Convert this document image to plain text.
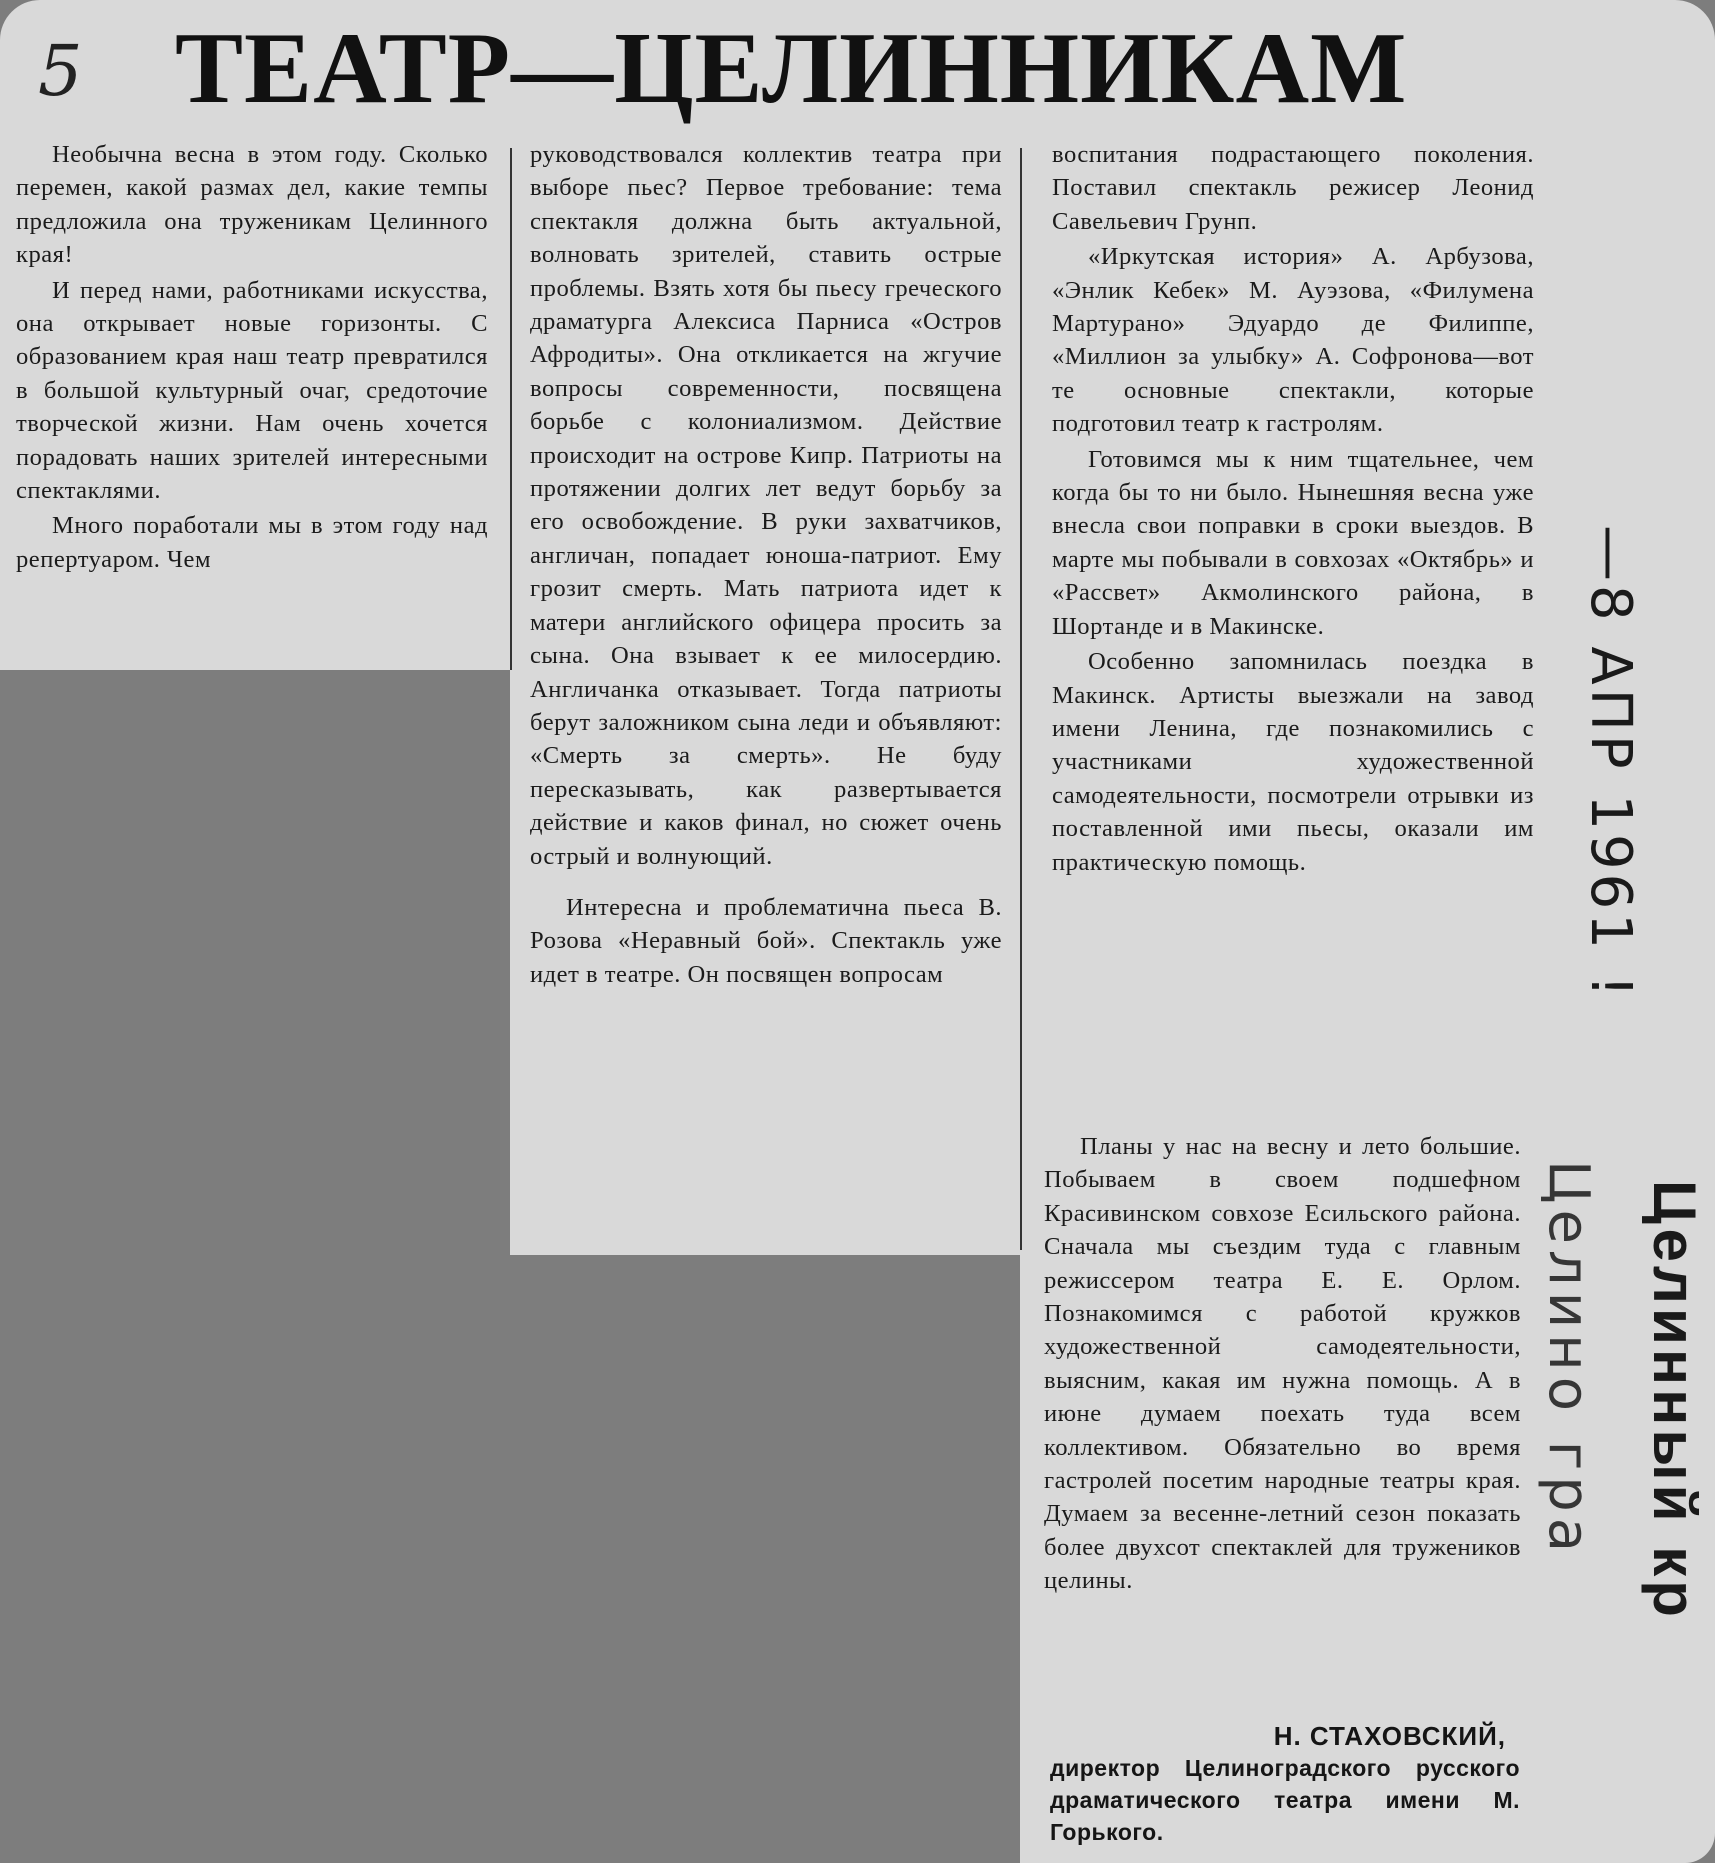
5 ТЕАТР—ЦЕЛИННИКАМ

Необычна весна в этом году. Сколько перемен, какой размах дел, какие темпы предложила она труженикам Целинного края!

И перед нами, работниками искусства, она открывает новые горизонты. С образованием края наш театр превратился в большой культурный очаг, средоточие творческой жизни. Нам очень хочется порадовать наших зрителей интересными спектаклями.

Много поработали мы в этом году над репертуаром. Чем

руководствовался коллектив театра при выборе пьес? Первое требование: тема спектакля должна быть актуальной, волновать зрителей, ставить острые проблемы. Взять хотя бы пьесу греческого драматурга Алексиса Парниса «Остров Афродиты». Она откликается на жгучие вопросы современности, посвящена борьбе с колониализмом. Действие происходит на острове Кипр. Патриоты на протяжении долгих лет ведут борьбу за его освобождение. В руки захватчиков, англичан, попадает юноша-патриот. Ему грозит смерть. Мать патриота идет к матери английского офицера просить за сына. Она взывает к ее милосердию. Англичанка отказывает. Тогда патриоты берут заложником сына леди и объявляют: «Смерть за смерть». Не буду пересказывать, как развертывается действие и каков финал, но сюжет очень острый и волнующий.

Интересна и проблематична пьеса В. Розова «Неравный бой». Спектакль уже идет в театре. Он посвящен вопросам

воспитания подрастающего поколения. Поставил спектакль режисер Леонид Савельевич Грунп.

«Иркутская история» А. Арбузова, «Энлик Кебек» М. Ауэзова, «Филумена Мартурано» Эдуардо де Филиппе, «Миллион за улыбку» А. Софронова—вот те основные спектакли, которые подготовил театр к гастролям.

Готовимся мы к ним тщательнее, чем когда бы то ни было. Нынешняя весна уже внесла свои поправки в сроки выездов. В марте мы побывали в совхозах «Октябрь» и «Рассвет» Акмолинского района, в Шортанде и в Макинске.

Особенно запомнилась поездка в Макинск. Артисты выезжали на завод имени Ленина, где познакомились с участниками художественной самодеятельности, посмотрели отрывки из поставленной ими пьесы, оказали им практическую помощь.

Планы у нас на весну и лето большие. Побываем в своем подшефном Красивинском совхозе Есильского района. Сначала мы съездим туда с главным режиссером театра Е. Е. Орлом. Познакомимся с работой кружков художественной самодеятельности, выясним, какая им нужна помощь. А в июне думаем поехать туда всем коллективом. Обязательно во время гастролей посетим народные театры края. Думаем за весенне-летний сезон показать более двухсот спектаклей для тружеников целины.

Н. СТАХОВСКИЙ,
директор Целиноградского русского драматического театра имени М. Горького.
—8 АПР 1961 !
Целино гра Целинный кр
